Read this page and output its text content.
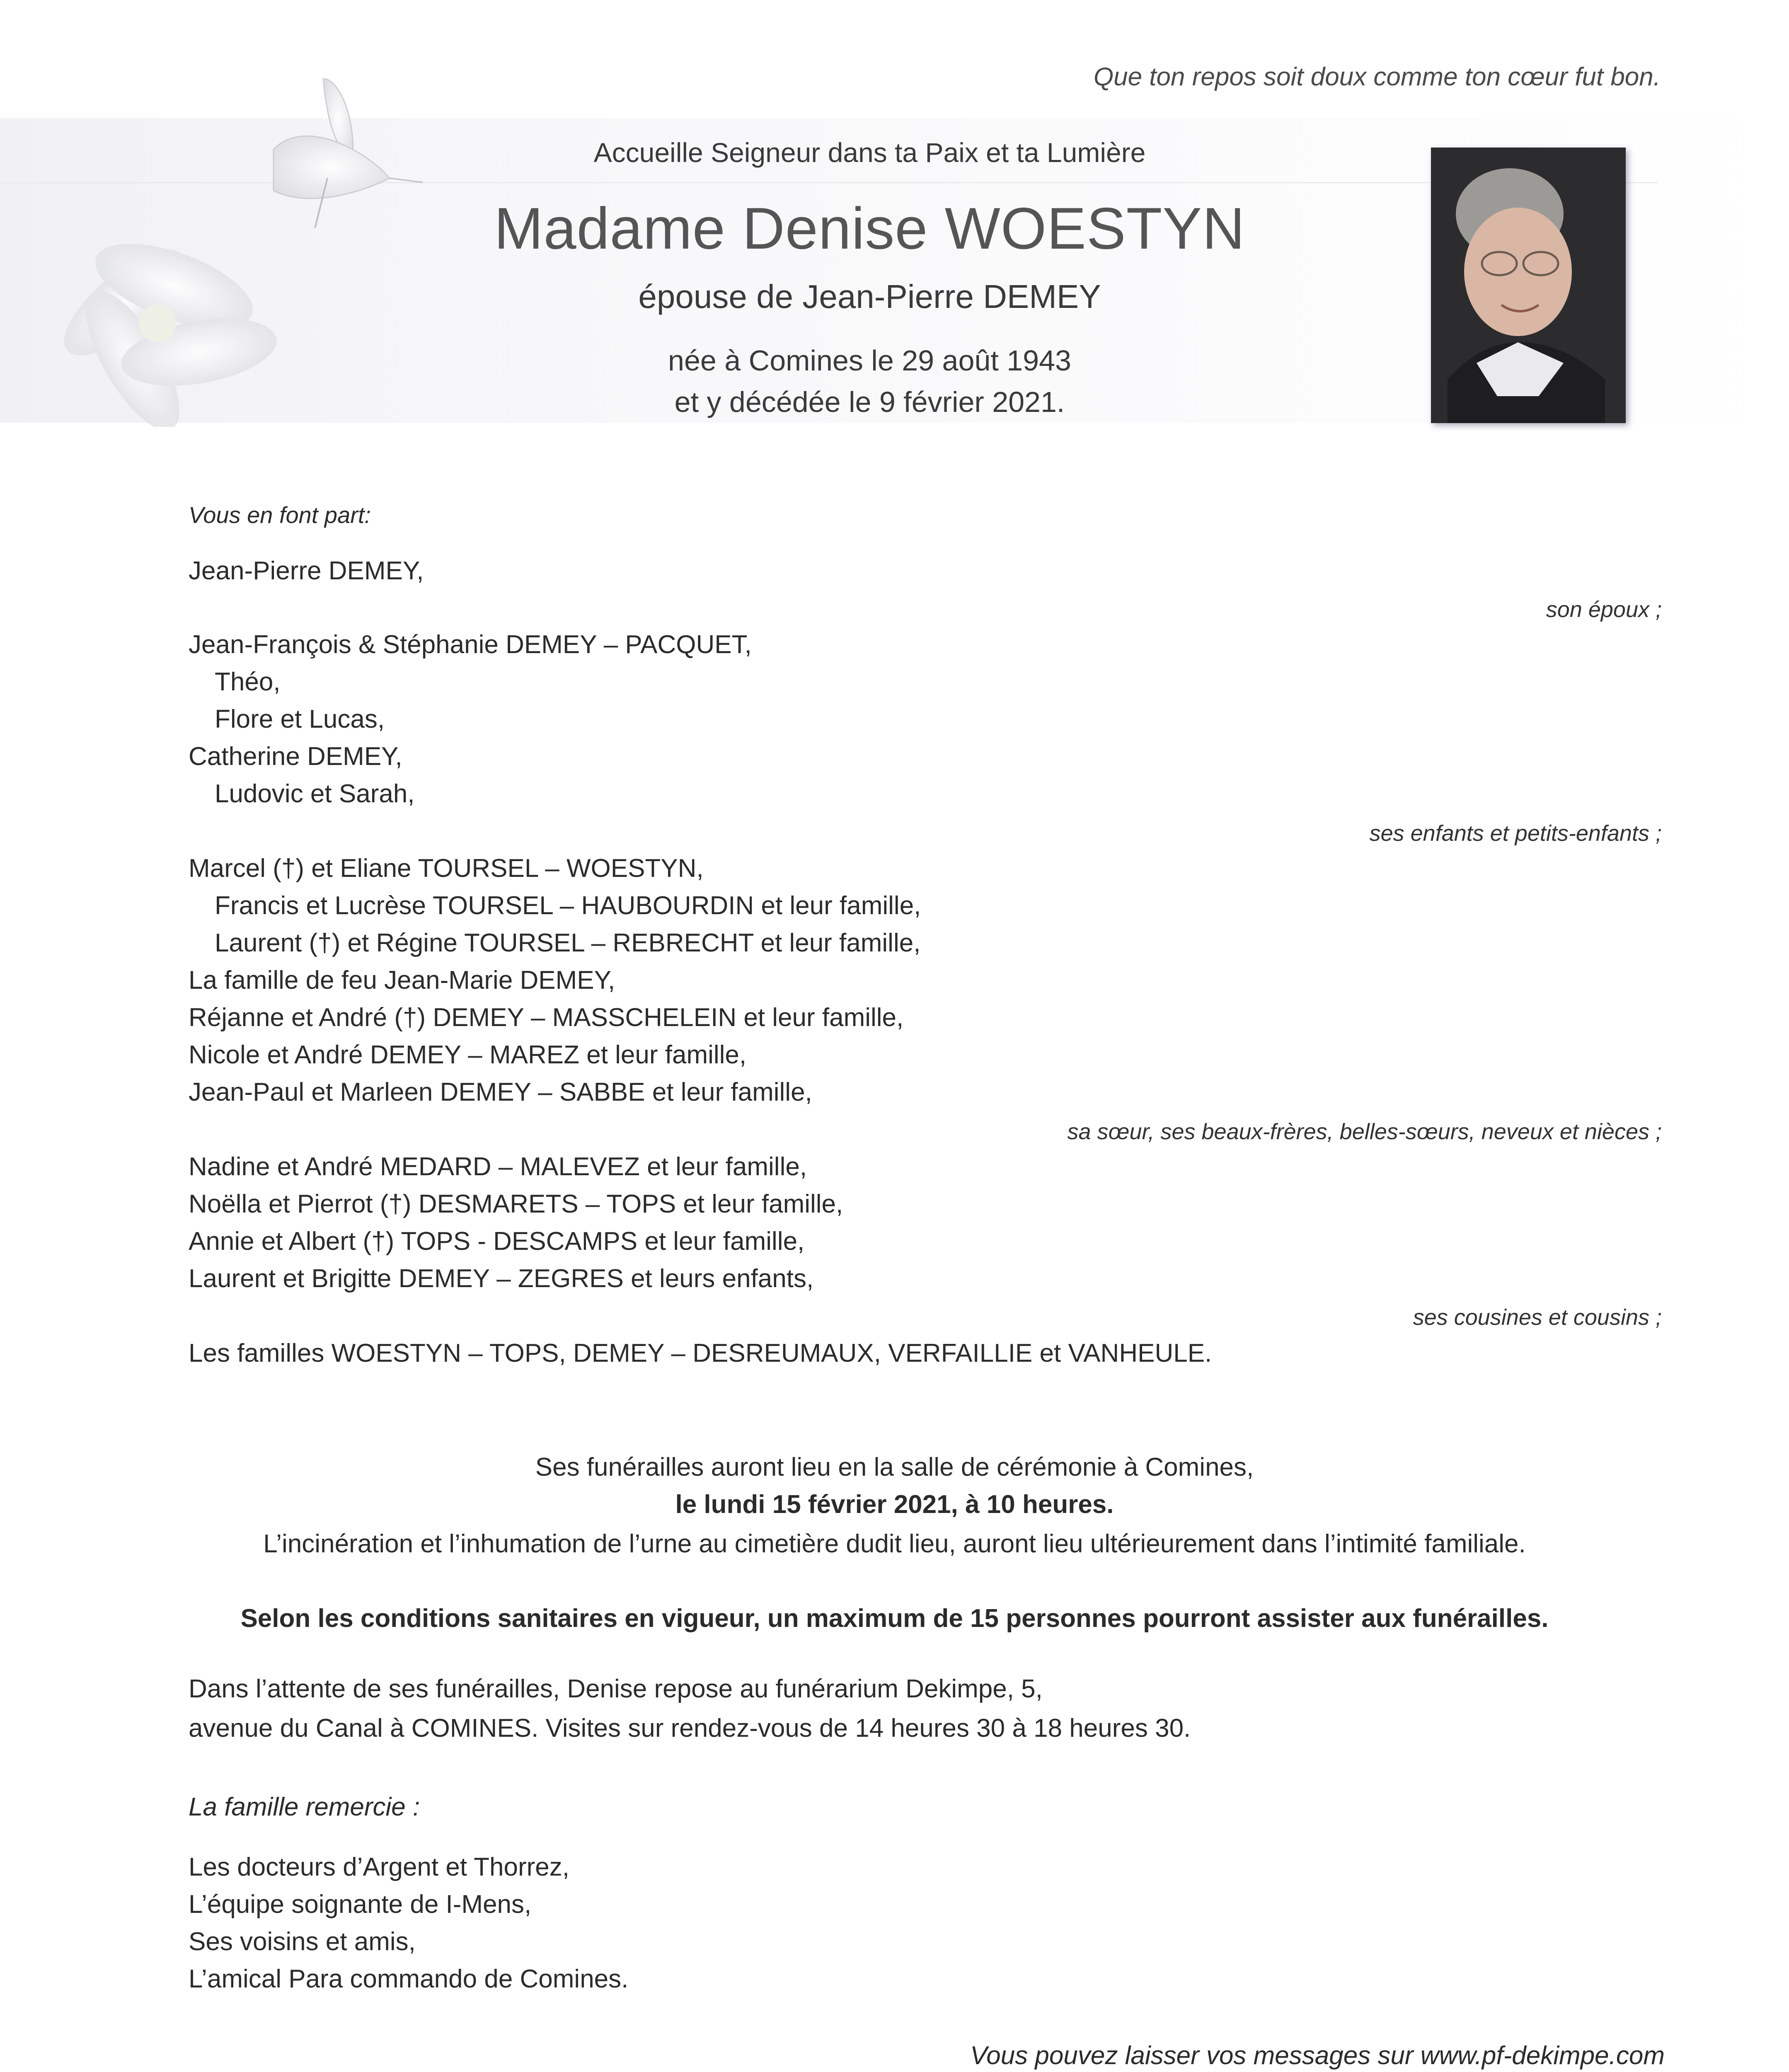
Que ton repos soit doux comme ton cœur fut bon.
Accueille Seigneur dans ta Paix et ta Lumière
Madame Denise WOESTYN
épouse de Jean-Pierre DEMEY
née à Comines le 29 août 1943
et y décédée le 9 février 2021.
Vous en font part:
Jean-Pierre DEMEY,
son époux ;
Jean-François & Stéphanie DEMEY – PACQUET,
Théo,
Flore et Lucas,
Catherine DEMEY,
Ludovic et Sarah,
ses enfants et petits-enfants ;
Marcel (†) et Eliane TOURSEL – WOESTYN,
Francis et Lucrèse TOURSEL – HAUBOURDIN et leur famille,
Laurent (†) et Régine TOURSEL – REBRECHT et leur famille,
La famille de feu Jean-Marie DEMEY,
Réjanne et André (†) DEMEY – MASSCHELEIN et leur famille,
Nicole et André DEMEY – MAREZ et leur famille,
Jean-Paul et Marleen DEMEY – SABBE et leur famille,
sa sœur, ses beaux-frères, belles-sœurs, neveux et nièces ;
Nadine et André MEDARD – MALEVEZ et leur famille,
Noëlla et Pierrot (†) DESMARETS – TOPS et leur famille,
Annie et Albert (†) TOPS - DESCAMPS et leur famille,
Laurent et Brigitte DEMEY – ZEGRES et leurs enfants,
ses cousines et cousins ;
Les familles WOESTYN – TOPS, DEMEY – DESREUMAUX, VERFAILLIE et VANHEULE.
Ses funérailles auront lieu en la salle de cérémonie à Comines,
le lundi 15 février 2021, à 10 heures.
L’incinération et l’inhumation de l’urne au cimetière dudit lieu, auront lieu ultérieurement dans l’intimité familiale.
Selon les conditions sanitaires en vigueur, un maximum de 15 personnes pourront assister aux funérailles.
Dans l’attente de ses funérailles, Denise repose au funérarium Dekimpe, 5,
avenue du Canal à COMINES. Visites sur rendez-vous de 14 heures 30 à 18 heures 30.
La famille remercie :
Les docteurs d’Argent et Thorrez,
L’équipe soignante de I-Mens,
Ses voisins et amis,
L’amical Para commando de Comines.
Vous pouvez laisser vos messages sur www.pf-dekimpe.com
